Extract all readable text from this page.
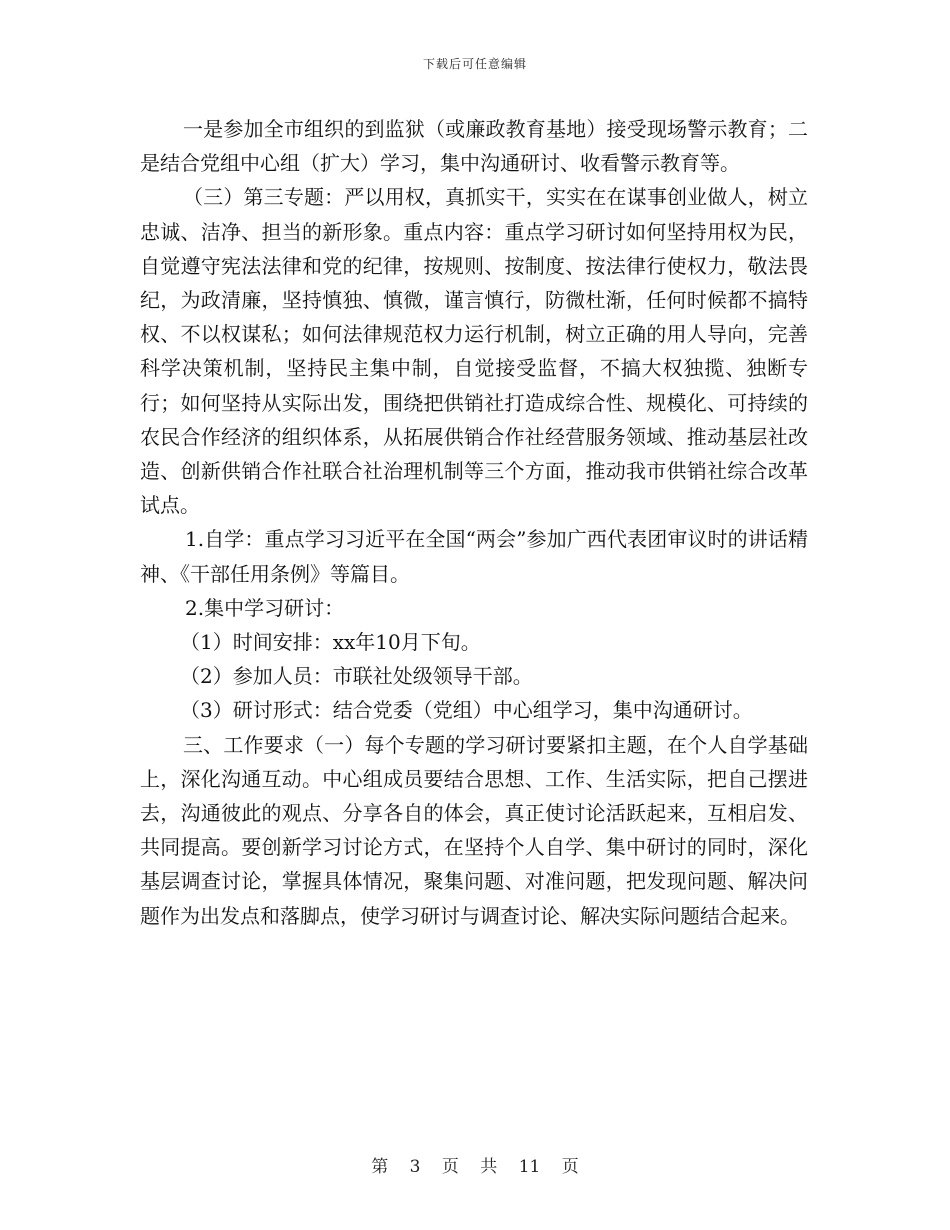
下载后可任意编辑

一是参加全市组织的到监狱（或廉政教育基地）接受现场警示教育；二是结合党组中心组（扩大）学习，集中沟通研讨、收看警示教育等。

（三）第三专题：严以用权，真抓实干，实实在在谋事创业做人，树立忠诚、洁净、担当的新形象。重点内容：重点学习研讨如何坚持用权为民，自觉遵守宪法法律和党的纪律，按规则、按制度、按法律行使权力，敬法畏纪，为政清廉，坚持慎独、慎微，谨言慎行，防微杜渐，任何时候都不搞特权、不以权谋私；如何法律规范权力运行机制，树立正确的用人导向，完善科学决策机制，坚持民主集中制，自觉接受监督，不搞大权独揽、独断专行；如何坚持从实际出发，围绕把供销社打造成综合性、规模化、可持续的农民合作经济的组织体系，从拓展供销合作社经营服务领域、推动基层社改造、创新供销合作社联合社治理机制等三个方面，推动我市供销社综合改革试点。

1.自学：重点学习习近平在全国“两会”参加广西代表团审议时的讲话精神、《干部任用条例》等篇目。

2.集中学习研讨：

（1）时间安排：xx年10月下旬。

（2）参加人员：市联社处级领导干部。

（3）研讨形式：结合党委（党组）中心组学习，集中沟通研讨。

三、工作要求（一）每个专题的学习研讨要紧扣主题，在个人自学基础上，深化沟通互动。中心组成员要结合思想、工作、生活实际，把自己摆进去，沟通彼此的观点、分享各自的体会，真正使讨论活跃起来，互相启发、共同提高。要创新学习讨论方式，在坚持个人自学、集中研讨的同时，深化基层调查讨论，掌握具体情况，聚集问题、对准问题，把发现问题、解决问题作为出发点和落脚点，使学习研讨与调查讨论、解决实际问题结合起来。

第 3 页 共 11 页
